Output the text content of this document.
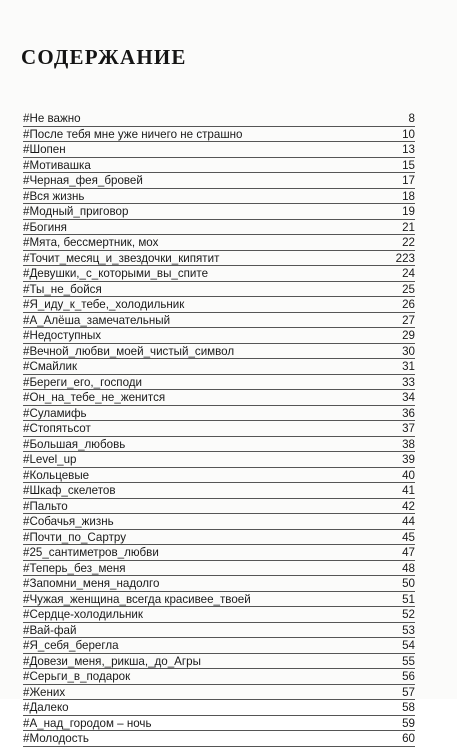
СОДЕРЖАНИЕ
#Не важно	8
#После тебя мне уже ничего не страшно	10
#Шопен	13
#Мотивашка	15
#Черная_фея_бровей	17
#Вся жизнь	18
#Модный_приговор	19
#Богиня	21
#Мята, бессмертник, мох	22
#Точит_месяц_и_звездочки_кипятит	223
#Девушки,_с_которыми_вы_спите	24
#Ты_не_бойся	25
#Я_иду_к_тебе,_холодильник	26
#А_Алёша_замечательный	27
#Недоступных	29
#Вечной_любви_моей_чистый_символ	30
#Смайлик	31
#Береги_его,_господи	33
#Он_на_тебе_не_женится	34
#Суламифь	36
#Стопятьсот	37
#Большая_любовь	38
#Level_up	39
#Кольцевые	40
#Шкаф_скелетов	41
#Пальто	42
#Собачья_жизнь	44
#Почти_по_Сартру	45
#25_сантиметров_любви	47
#Теперь_без_меня	48
#Запомни_меня_надолго	50
#Чужая_женщина_всегда красивее_твоей	51
#Сердце-холодильник	52
#Вай-фай	53
#Я_себя_берегла	54
#Довези_меня,_рикша,_до_Агры	55
#Серьги_в_подарок	56
#Жених	57
#Далеко	58
#А_над_городом – ночь	59
#Молодость	60
